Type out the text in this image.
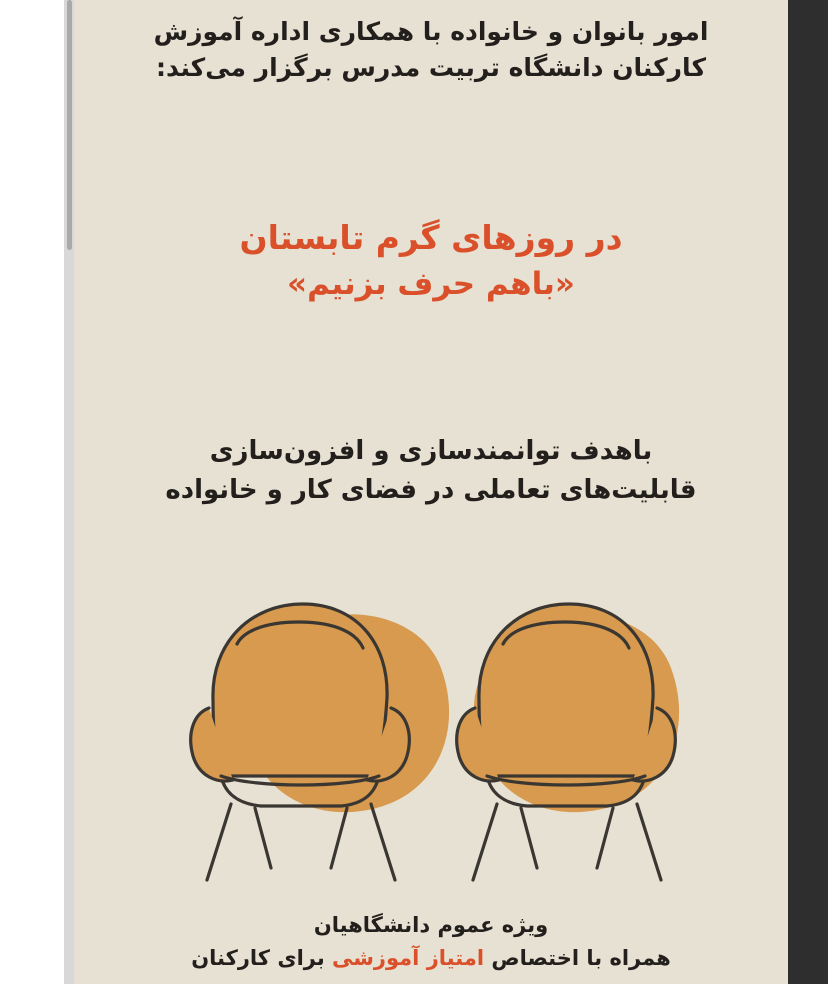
امور بانوان و خانواده با همکاری اداره آموزش
کارکنان دانشگاه تربیت مدرس برگزار می‌کند:
در روزهای گرم تابستان
«باهم حرف بزنیم»
باهدف توانمندسازی و افزون‌سازی
قابلیت‌های تعاملی در فضای کار و خانواده
ویژه عموم دانشگاهیان
همراه با اختصاص امتیاز آموزشی برای کارکنان
